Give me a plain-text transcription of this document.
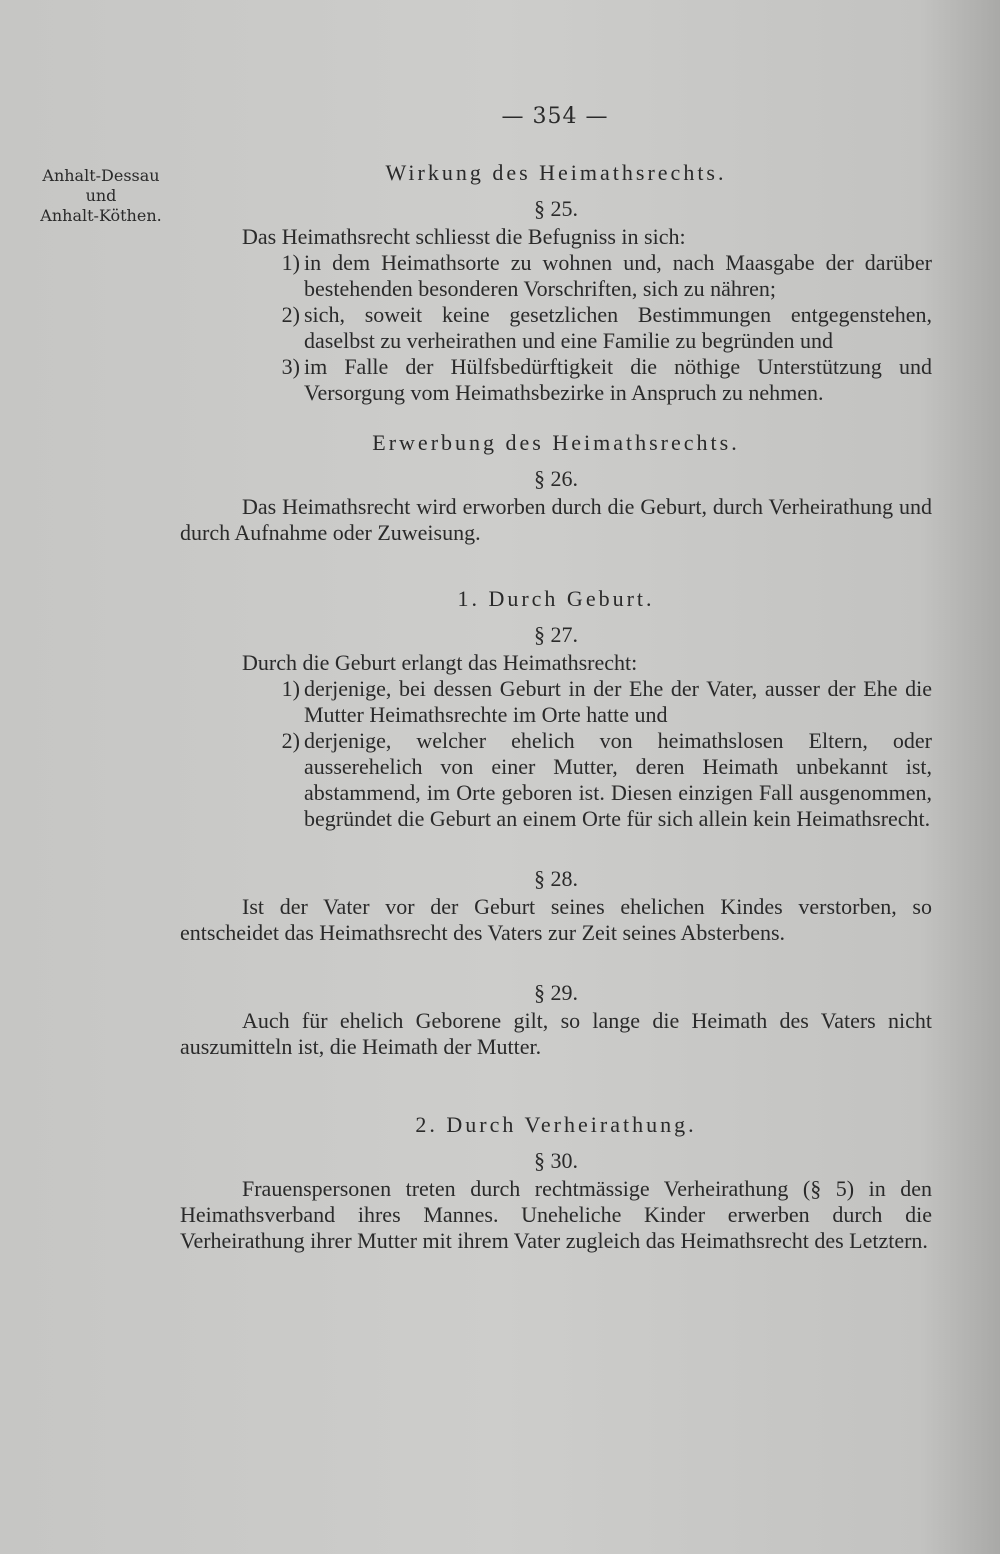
— 354 —
Anhalt-Dessau
und
Anhalt-Köthen.

Wirkung des Heimathsrechts.

§ 25.

Das Heimathsrecht schliesst die Befugniss in sich:

1) in dem Heimathsorte zu wohnen und, nach Maasgabe der darüber bestehenden besonderen Vorschriften, sich zu nähren;
2) sich, soweit keine gesetzlichen Bestimmungen entgegenstehen, daselbst zu verheirathen und eine Familie zu begründen und
3) im Falle der Hülfsbedürftigkeit die nöthige Unterstützung und Versorgung vom Heimathsbezirke in Anspruch zu nehmen.

Erwerbung des Heimathsrechts.

§ 26.

Das Heimathsrecht wird erworben durch die Geburt, durch Verheirathung und durch Aufnahme oder Zuweisung.

1. Durch Geburt.

§ 27.

Durch die Geburt erlangt das Heimathsrecht:

1) derjenige, bei dessen Geburt in der Ehe der Vater, ausser der Ehe die Mutter Heimathsrechte im Orte hatte und
2) derjenige, welcher ehelich von heimathslosen Eltern, oder ausserehelich von einer Mutter, deren Heimath unbekannt ist, abstammend, im Orte geboren ist. Diesen einzigen Fall ausgenommen, begründet die Geburt an einem Orte für sich allein kein Heimathsrecht.

§ 28.

Ist der Vater vor der Geburt seines ehelichen Kindes verstorben, so entscheidet das Heimathsrecht des Vaters zur Zeit seines Absterbens.

§ 29.

Auch für ehelich Geborene gilt, so lange die Heimath des Vaters nicht auszumitteln ist, die Heimath der Mutter.

2. Durch Verheirathung.

§ 30.

Frauenspersonen treten durch rechtmässige Verheirathung (§ 5) in den Heimathsverband ihres Mannes. Uneheliche Kinder erwerben durch die Verheirathung ihrer Mutter mit ihrem Vater zugleich das Heimathsrecht des Letztern.
